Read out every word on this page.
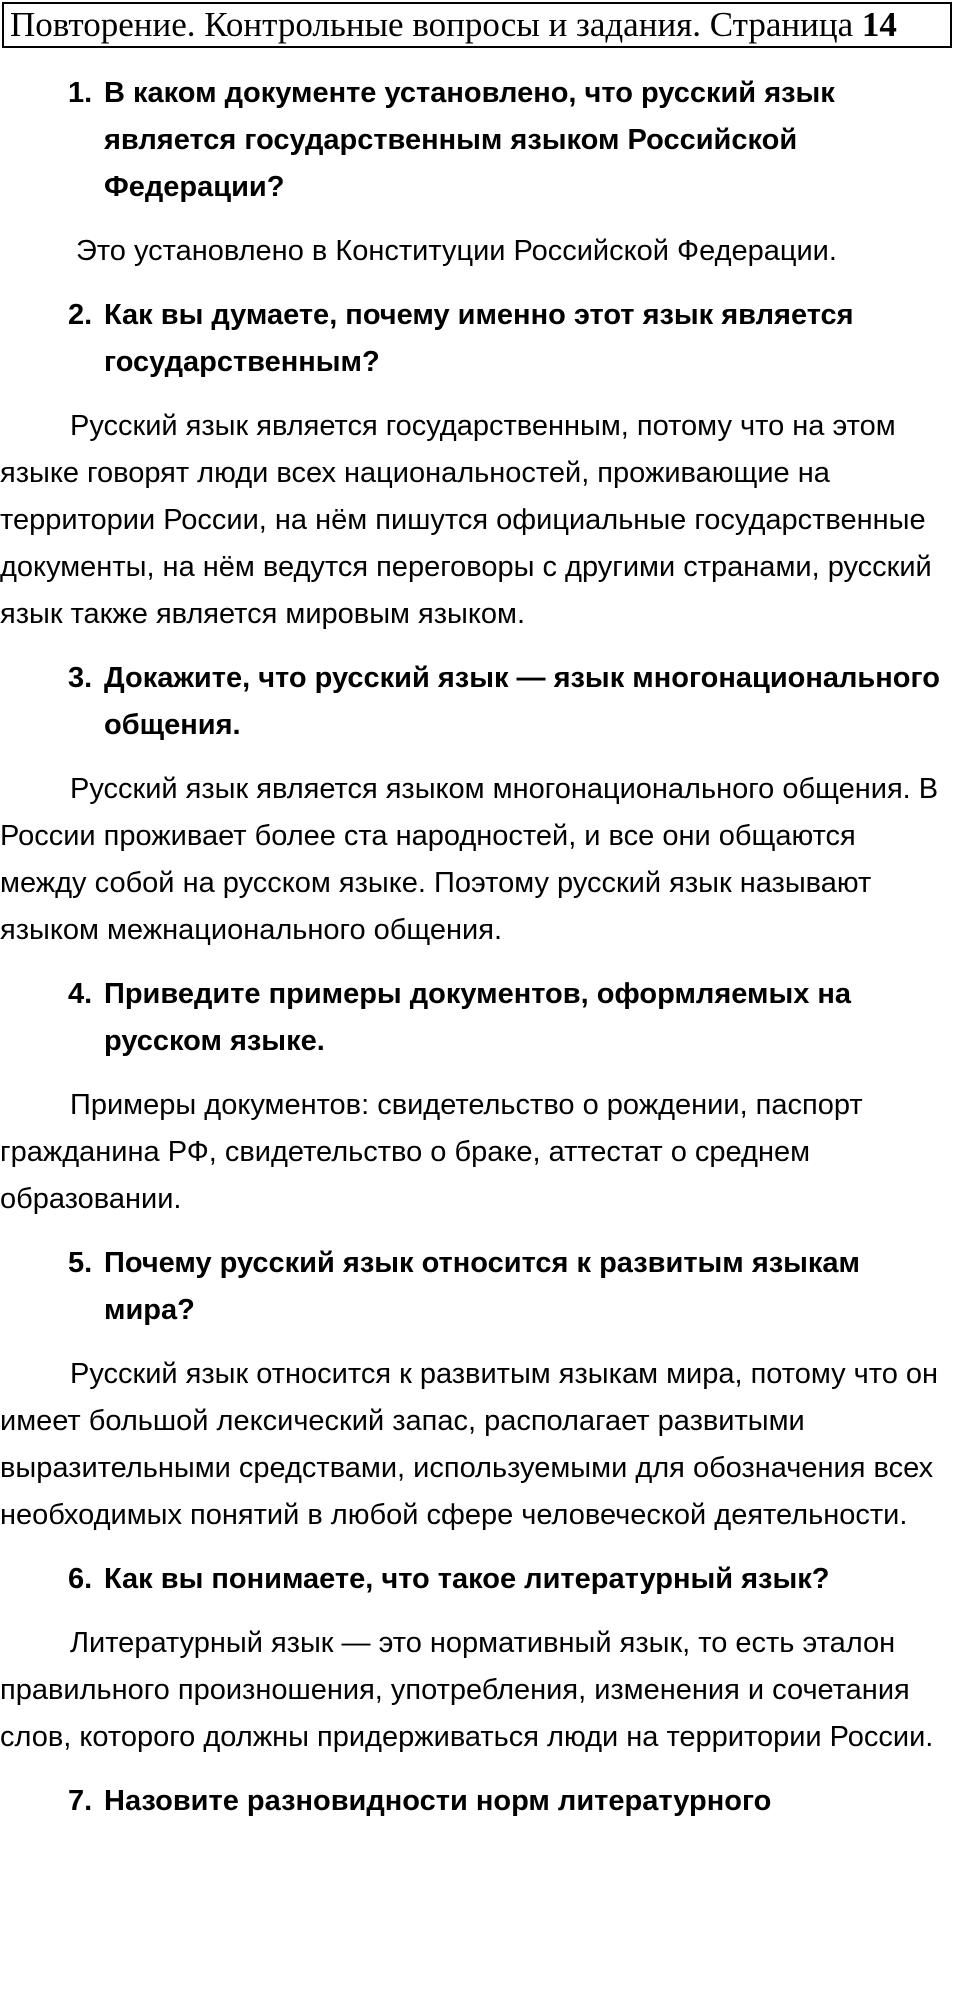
Повторение. Контрольные вопросы и задания. Страница 14
1. В каком документе установлено, что русский язык является государственным языком Российской Федерации?

Это установлено в Конституции Российской Федерации.

2. Как вы думаете, почему именно этот язык является государственным?

Русский язык является государственным, потому что на этом языке говорят люди всех национальностей, проживающие на территории России, на нём пишутся официальные государственные документы, на нём ведутся переговоры с другими странами, русский язык также является мировым языком.

3. Докажите, что русский язык — язык многонационального общения.

Русский язык является языком многонационального общения. В России проживает более ста народностей, и все они общаются между собой на русском языке. Поэтому русский язык называют языком межнационального общения.

4. Приведите примеры документов, оформляемых на русском языке.

Примеры документов: свидетельство о рождении, паспорт гражданина РФ, свидетельство о браке, аттестат о среднем образовании.

5. Почему русский язык относится к развитым языкам мира?

Русский язык относится к развитым языкам мира, потому что он имеет большой лексический запас, располагает развитыми выразительными средствами, используемыми для обозначения всех необходимых понятий в любой сфере человеческой деятельности.

6. Как вы понимаете, что такое литературный язык?

Литературный язык — это нормативный язык, то есть эталон правильного произношения, употребления, изменения и сочетания слов, которого должны придерживаться люди на территории России.

7. Назовите разновидности норм литературного
